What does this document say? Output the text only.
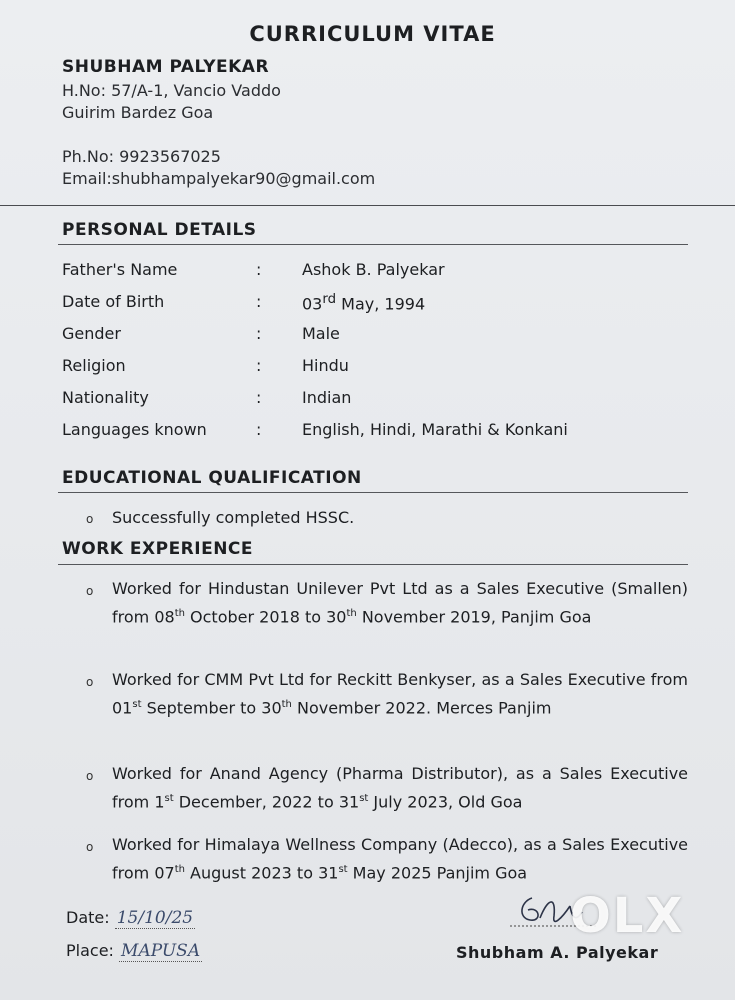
CURRICULUM VITAE
SHUBHAM PALYEKAR
H.No: 57/A-1, Vancio Vaddo
Guirim Bardez Goa
Ph.No: 9923567025
Email:shubhampalyekar90@gmail.com
PERSONAL DETAILS
Father's Name	:	Ashok B. Palyekar
Date of Birth	:	03rd May, 1994
Gender	:	Male
Religion	:	Hindu
Nationality	:	Indian
Languages known	:	English, Hindi, Marathi & Konkani
EDUCATIONAL QUALIFICATION
o Successfully completed HSSC.
WORK EXPERIENCE
o Worked for Hindustan Unilever Pvt Ltd as a Sales Executive (Smallen) from 08th October 2018 to 30th November 2019, Panjim Goa
o Worked for CMM Pvt Ltd for Reckitt Benkyser, as a Sales Executive from 01st September to 30th November 2022. Merces Panjim
o Worked for Anand Agency (Pharma Distributor), as a Sales Executive from 1st December, 2022 to 31st July 2023, Old Goa
o Worked for Himalaya Wellness Company (Adecco), as a Sales Executive from 07th August 2023 to 31st May 2025 Panjim Goa
Date: 15/10/25
Place: MAPUSA	Shubham A. Palyekar
OLX
